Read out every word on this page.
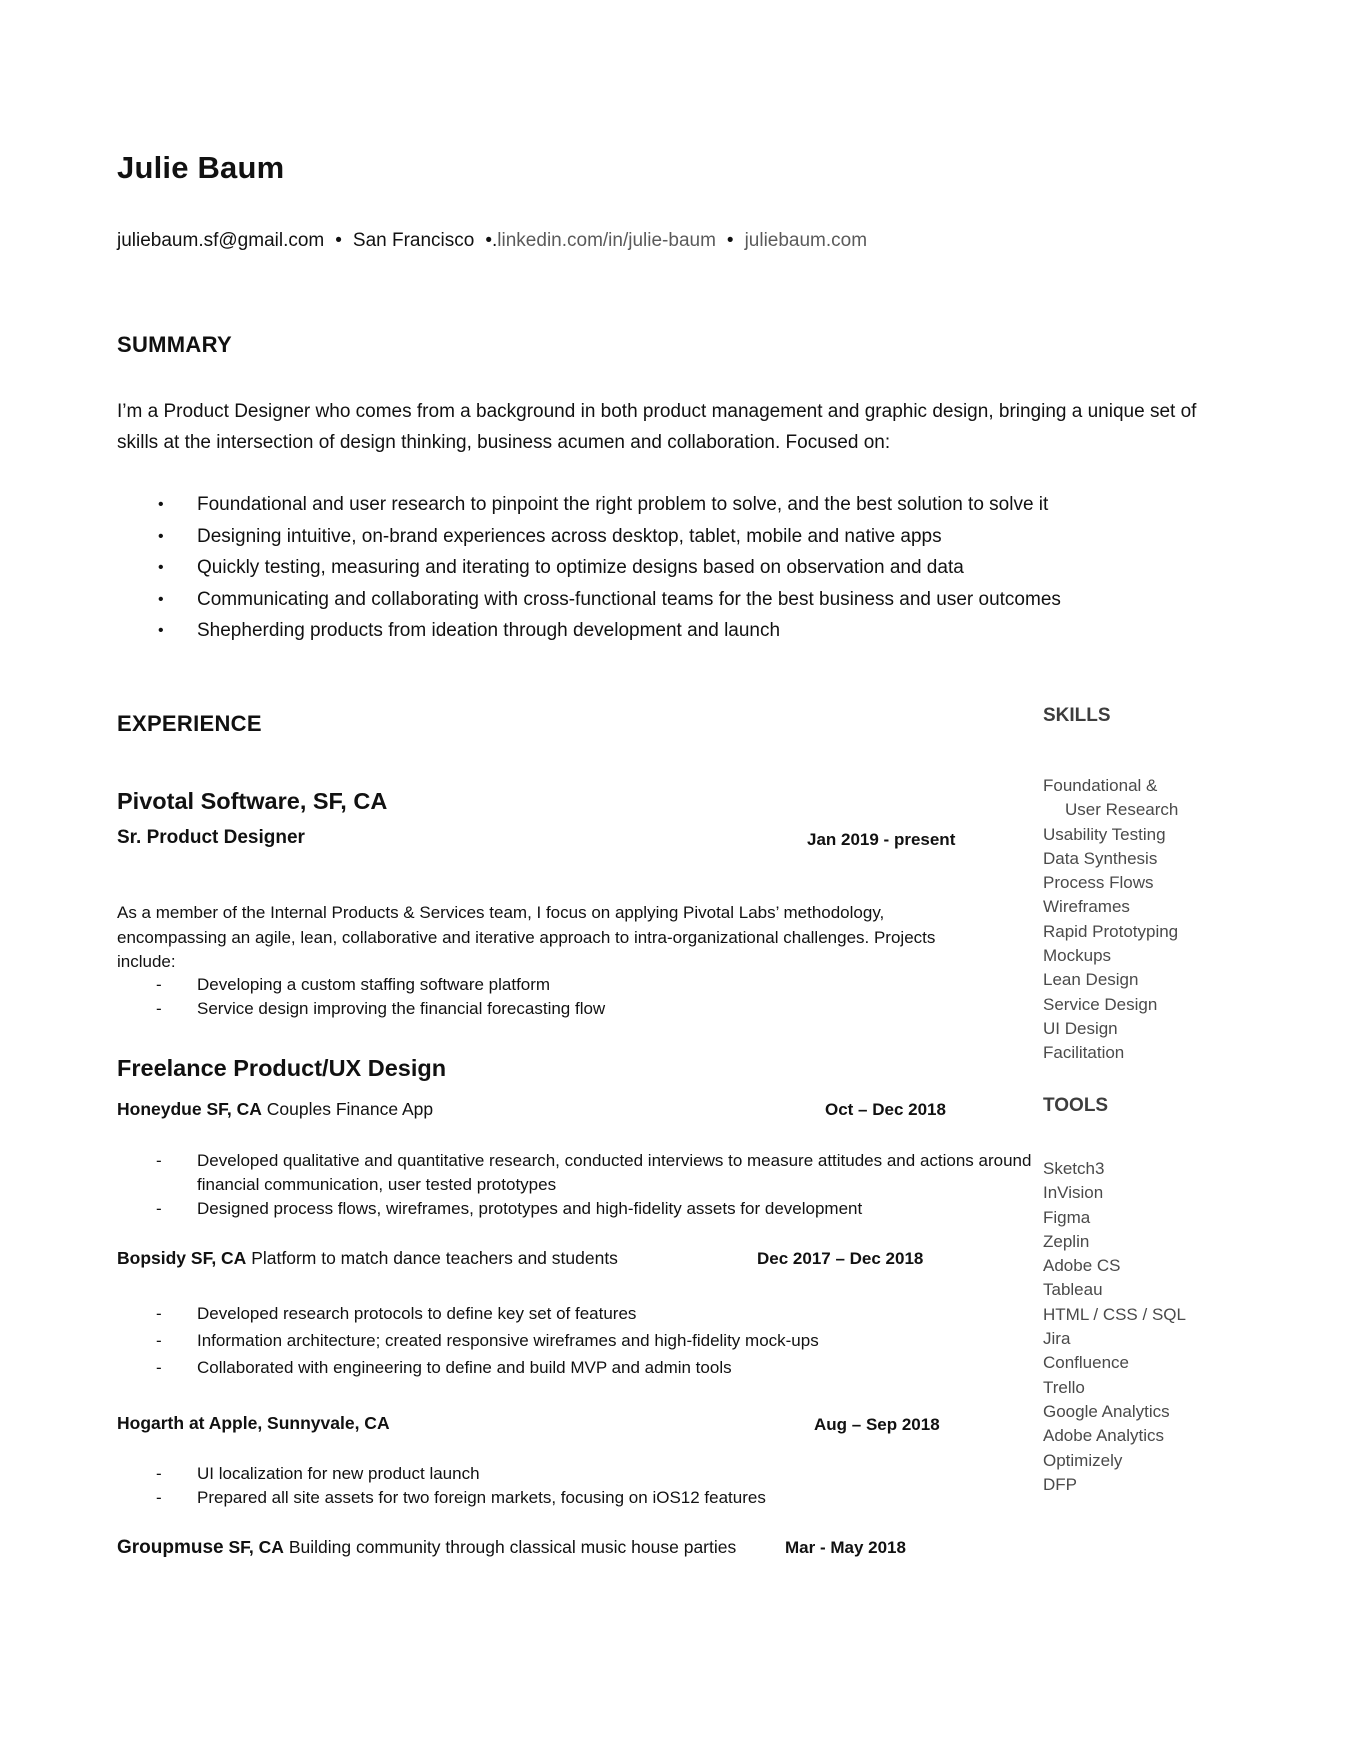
Julie Baum
juliebaum.sf@gmail.com • San Francisco •.linkedin.com/in/julie-baum • juliebaum.com
SUMMARY
I’m a Product Designer who comes from a background in both product management and graphic design, bringing a unique set of skills at the intersection of design thinking, business acumen and collaboration. Focused on:
• Foundational and user research to pinpoint the right problem to solve, and the best solution to solve it
• Designing intuitive, on-brand experiences across desktop, tablet, mobile and native apps
• Quickly testing, measuring and iterating to optimize designs based on observation and data
• Communicating and collaborating with cross-functional teams for the best business and user outcomes
• Shepherding products from ideation through development and launch
EXPERIENCE
Pivotal Software, SF, CA
Sr. Product Designer	Jan 2019 - present
As a member of the Internal Products & Services team, I focus on applying Pivotal Labs’ methodology, encompassing an agile, lean, collaborative and iterative approach to intra-organizational challenges. Projects include:
- Developing a custom staffing software platform
- Service design improving the financial forecasting flow
Freelance Product/UX Design
Honeydue SF, CA Couples Finance App	Oct – Dec 2018
- Developed qualitative and quantitative research, conducted interviews to measure attitudes and actions around financial communication, user tested prototypes
- Designed process flows, wireframes, prototypes and high-fidelity assets for development
Bopsidy SF, CA Platform to match dance teachers and students	Dec 2017 – Dec 2018
- Developed research protocols to define key set of features
- Information architecture; created responsive wireframes and high-fidelity mock-ups
- Collaborated with engineering to define and build MVP and admin tools
Hogarth at Apple, Sunnyvale, CA	Aug – Sep 2018
- UI localization for new product launch
- Prepared all site assets for two foreign markets, focusing on iOS12 features
Groupmuse SF, CA Building community through classical music house parties	Mar - May 2018
SKILLS
Foundational &
User Research
Usability Testing
Data Synthesis
Process Flows
Wireframes
Rapid Prototyping
Mockups
Lean Design
Service Design
UI Design
Facilitation
TOOLS
Sketch3
InVision
Figma
Zeplin
Adobe CS
Tableau
HTML / CSS / SQL
Jira
Confluence
Trello
Google Analytics
Adobe Analytics
Optimizely
DFP
